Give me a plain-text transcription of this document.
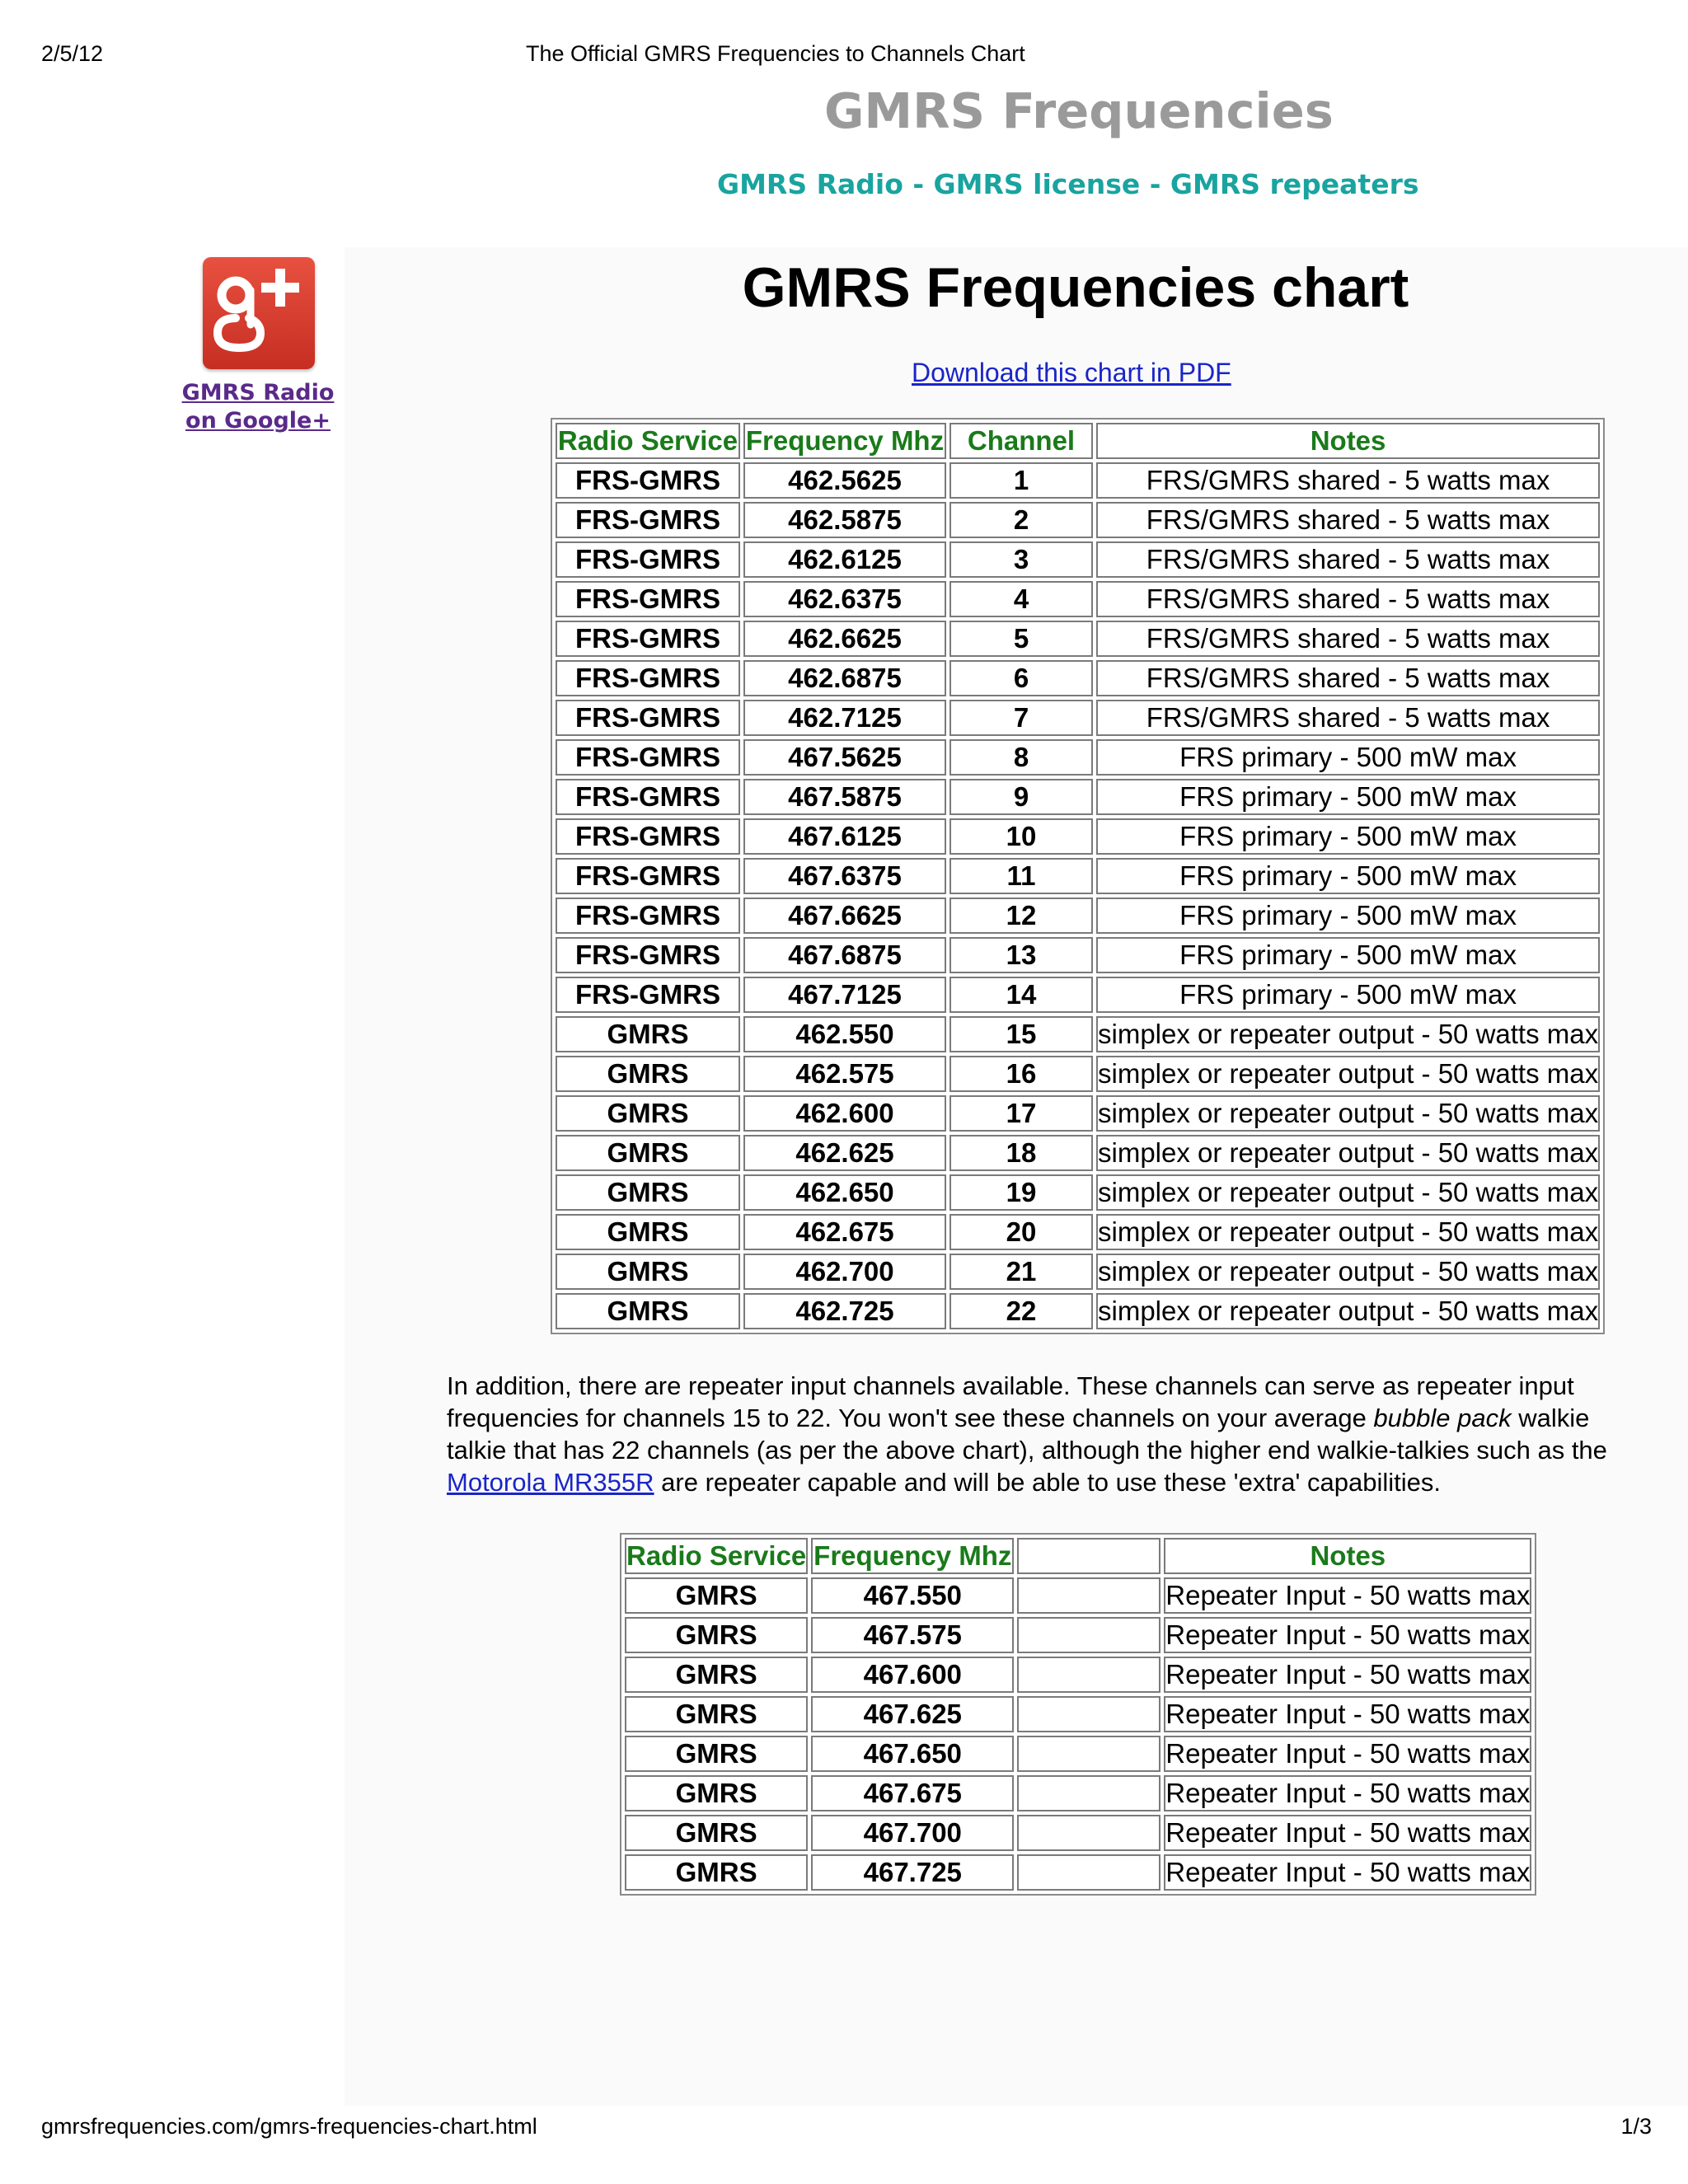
2/5/12	The Official GMRS Frequencies to Channels Chart
GMRS Frequencies
GMRS Radio - GMRS license - GMRS repeaters
GMRS Radio
on Google+
GMRS Frequencies chart
Download this chart in PDF
Radio Service	Frequency Mhz	Channel	Notes
FRS-GMRS	462.5625	1	FRS/GMRS shared - 5 watts max
FRS-GMRS	462.5875	2	FRS/GMRS shared - 5 watts max
FRS-GMRS	462.6125	3	FRS/GMRS shared - 5 watts max
FRS-GMRS	462.6375	4	FRS/GMRS shared - 5 watts max
FRS-GMRS	462.6625	5	FRS/GMRS shared - 5 watts max
FRS-GMRS	462.6875	6	FRS/GMRS shared - 5 watts max
FRS-GMRS	462.7125	7	FRS/GMRS shared - 5 watts max
FRS-GMRS	467.5625	8	FRS primary - 500 mW max
FRS-GMRS	467.5875	9	FRS primary - 500 mW max
FRS-GMRS	467.6125	10	FRS primary - 500 mW max
FRS-GMRS	467.6375	11	FRS primary - 500 mW max
FRS-GMRS	467.6625	12	FRS primary - 500 mW max
FRS-GMRS	467.6875	13	FRS primary - 500 mW max
FRS-GMRS	467.7125	14	FRS primary - 500 mW max
GMRS	462.550	15	simplex or repeater output - 50 watts max
GMRS	462.575	16	simplex or repeater output - 50 watts max
GMRS	462.600	17	simplex or repeater output - 50 watts max
GMRS	462.625	18	simplex or repeater output - 50 watts max
GMRS	462.650	19	simplex or repeater output - 50 watts max
GMRS	462.675	20	simplex or repeater output - 50 watts max
GMRS	462.700	21	simplex or repeater output - 50 watts max
GMRS	462.725	22	simplex or repeater output - 50 watts max
In addition, there are repeater input channels available. These channels can serve as repeater input
frequencies for channels 15 to 22. You won't see these channels on your average bubble pack walkie
talkie that has 22 channels (as per the above chart), although the higher end walkie-talkies such as the
Motorola MR355R are repeater capable and will be able to use these 'extra' capabilities.
Radio Service	Frequency Mhz		Notes
GMRS	467.550		Repeater Input - 50 watts max
GMRS	467.575		Repeater Input - 50 watts max
GMRS	467.600		Repeater Input - 50 watts max
GMRS	467.625		Repeater Input - 50 watts max
GMRS	467.650		Repeater Input - 50 watts max
GMRS	467.675		Repeater Input - 50 watts max
GMRS	467.700		Repeater Input - 50 watts max
GMRS	467.725		Repeater Input - 50 watts max
gmrsfrequencies.com/gmrs-frequencies-chart.html	1/3
